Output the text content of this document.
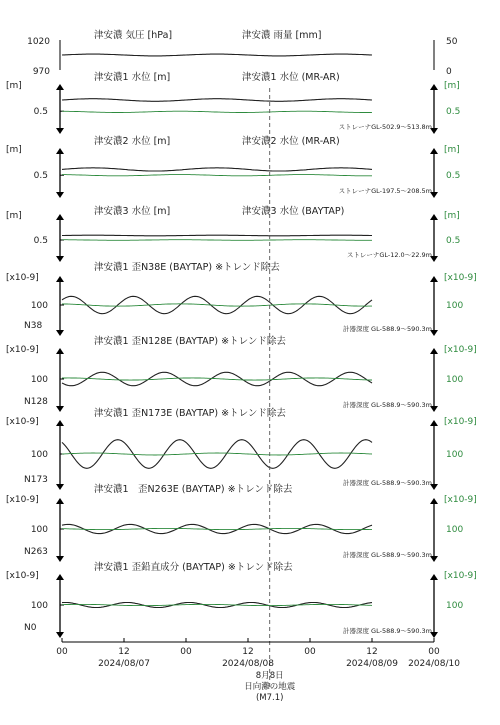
津安濃 気圧 [hPa]	津安濃 雨量 [mm]
1020
970
50
0
津安濃1 水位 [m]	津安濃1 水位 (MR-AR)
[m]	[m]
0.5	0.5
ストレーナGL-502.9～513.8m
津安濃2 水位 [m]	津安濃2 水位 (MR-AR)
[m]	[m]
0.5	0.5
ストレーナGL-197.5～208.5m
津安濃3 水位 [m]	津安濃3 水位 (BAYTAP)
[m]	[m]
0.5	0.5
ストレーナGL-12.0～22.9m
津安濃1 歪N38E (BAYTAP) ※トレンド除去
[x10-9]	[x10-9]
100	100
N38	計器深度 GL-588.9～590.3m
津安濃1 歪N128E (BAYTAP) ※トレンド除去
[x10-9]	[x10-9]
100	100
N128	計器深度 GL-588.9～590.3m
津安濃1 歪N173E (BAYTAP) ※トレンド除去
[x10-9]	[x10-9]
100	100
N173	計器深度 GL-588.9～590.3m
津安濃1　歪N263E (BAYTAP) ※トレンド除去
[x10-9]	[x10-9]
100	100
N263	計器深度 GL-588.9～590.3m
津安濃1 歪鉛直成分 (BAYTAP) ※トレンド除去
[x10-9]	[x10-9]
100	100
N0	計器深度 GL-588.9～590.3m
8月8日
日向灘の地震
(M7.1)
00	12	00	12	00	12	00
2024/08/07	2024/08/08	2024/08/09 2024/08/10
